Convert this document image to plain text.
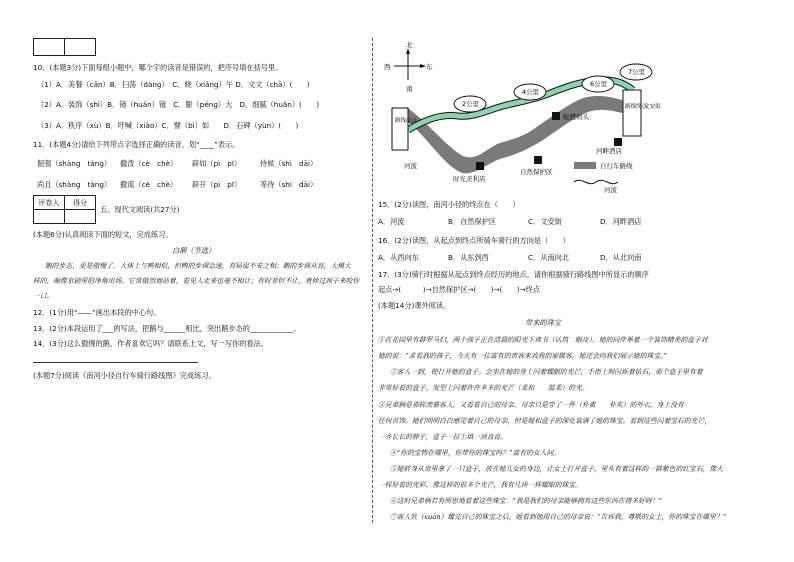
10．(本题3分)下面每组小题中，哪个字的读音是错误的，把序号填在括号里。
（1）A．美餐（cān）B．扫荡（dàng）　C．晓（xiǎng）午 D．文文（chā）(　　)
（2）A．装饰（shì）B．镜（huǎn）镜　C．膨（péng）大　D．细腻（huǎn）(　　)
（3）A．秩序（xù）B．吁喊（xiào）C．譬（bì）如　　D．石碑（yùn）(　　)
11．(本题4分)请给下列带点字选择正确的读音，划“____”表示。
倔强（shàng　tàng） 撒泼（cè　chè） 辟如（pì　pī）	侍候（shì　dāi）
尚且（shàng　tàng） 撒谎（cè　chè） 辟开（pì　pī）	等待（shì　dāi）
评卷人	得分

五、现代文阅读(共27分)
(本题6分)认真阅读下面的短文，完成练习。
白鹅（节选）
鹅的步态，更是傲慢了。大体上与鸭相似，但鸭的步调急速，有局促不安之相；鹅的步调从容，大模大
样的，颇像京剧里的净角出场。它常傲然地站着，看见人走来也毫不相让；有时非但不让，竟伸过颈子来咬你
一口。
12．(1分)用“——”画出本段的中心句。
13．(2分)本段运用了___的写法，把鹅与______相比，突出鹅步态的____________。
14．(3分)这么傲慢的鹅，作者喜欢它吗？请联系上文，写一写你的看法。
(本题7分)阅读《南河小径自行车骑行路线图》完成练习。
北
南
西	东
路线起点
路线终点
文安街
2公里
4公里
6公里
7公里
轮渡码头
河畔酒店
时光美利店
自然保护区
河流	自行车路线
河流
15．(2分)读图，南河小径的终点在（　　）
A．河流	B．自然保护区	C．文安街	D．河畔酒店
16．(2分)读图，从起点到终点所骑车骑行的方向是（　　）
A．从西向东	B．从东到西	C．从南向北	D．从北向南
17．(3分)骑行时根据从起点到终点经历的地点，请你根据骑行路线图中所显示的顺序
起点→(　　　)→自然保护区→(　　)→(　　)→终点
(本题14分)课外阅读。
带来的珠宝
①在花园里有群罗马妇，两个孩子正在清晨的阳光下读书（认筑　眼皮）。她的同伴举着一个装饰精美的盒子对
她的说：“求看我的孩子，今天有一位富有的贵客来戏我的家做客，她还会向我们展示她的珠宝。”
②客人一到，便打开她的盒子。会坐在她的身上闪着耀眼的光芒，手指上则闪烁着钻石，那个盒子里有着
非常好看的盒子，发型上闪着许许多多的光芒（柔和　　温柔）的光。
③兄弟俩是那样羡慕客人，又看看自己的母亲。母亲只是穿了一件（朴素　　朴实）的外衣，身上没有
任何首饰。她们明明白白感觉着自己的母亲，但是她和盒子的深处装满了她的珠宝。看到这些闪着宝石的光芒，
一齐长长的脖子，盒子一拉上填一顶直直。
④“你的宝物在哪里，你带你的珠宝吗？”富有的女人问。
⑤她转身从房里拿了一只盒子，放在她儿女的身边，让女士打开盒子，里头有着这样的一群紫色的红宝石，像大
一样好看的光彩，像这样的很多个光芒，我有几块一样耀眼的珠宝。
⑥这时兄弟俩若有所思地看着这些珠宝：“我是我们的母亲能够拥有这些东西在将多好呀！”
⑦客人姓（xuàn）耀完自己的珠宝之后，她看到他用自己的母亲说：“告诉我，尊敬的女士，你的珠宝在哪里？”
